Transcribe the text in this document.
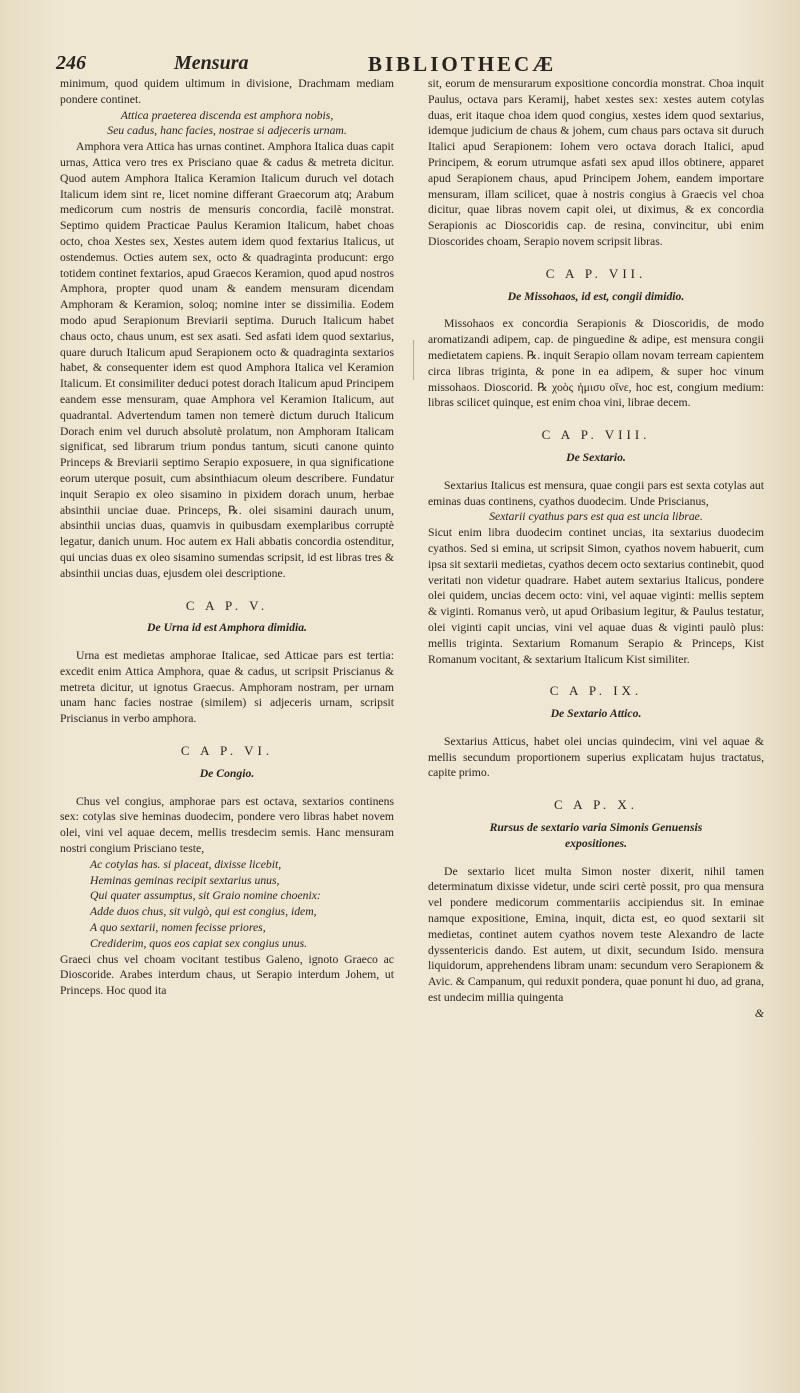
246	Mensura	BIBLIOTHECÆ

minimum, quod quidem ultimum in divisione, Drachmam mediam pondere continet.

Attica praeterea discenda est amphora nobis,

Seu cadus, hanc facies, nostrae si adjeceris urnam.

Amphora vera Attica has urnas continet. Amphora Italica duas capit urnas, Attica vero tres ex Prisciano quae & cadus & metreta dicitur. Quod autem Amphora Italica Keramion Italicum duruch vel dotach Italicum idem sint re, licet nomine differant Graecorum atq; Arabum medicorum cum nostris de mensuris concordia, facilè monstrat. Septimo quidem Practicae Paulus Keramion Italicum, habet choas octo, choa Xestes sex, Xestes autem idem quod fextarius Italicus, ut ostendemus. Octies autem sex, octo & quadraginta producunt: ergo totidem continet fextarios, apud Graecos Keramion, quod apud nostros Amphora, propter quod unam & eandem mensuram dicendam Amphoram & Keramion, soloq; nomine inter se dissimilia. Eodem modo apud Serapionum Breviarii septima. Duruch Italicum habet chaus octo, chaus unum, est sex asati. Sed asfati idem quod sextarius, quare duruch Italicum apud Serapionem octo & quadraginta sextarios habet, & consequenter idem est quod Amphora Italica vel Keramion Italicum. Et consimiliter deduci potest dorach Italicum apud Principem eandem esse mensuram, quae Amphora vel Keramion Italicum, aut quadrantal. Advertendum tamen non temerè dictum duruch Italicum Dorach enim vel duruch absolutè prolatum, non Amphoram Italicam significat, sed librarum trium pondus tantum, sicuti canone quinto Princeps & Breviarii septimo Serapio exposuere, in qua significatione eorum uterque posuit, cum absinthiacum oleum describere. Fundatur inquit Serapio ex oleo sisamino in pixidem dorach unum, herbae absinthii unciae duae. Princeps, ℞. olei sisamini daurach unum, absinthii uncias duas, quamvis in quibusdam exemplaribus corruptè legatur, danich unum. Hoc autem ex Hali abbatis concordia ostenditur, qui uncias duas ex oleo sisamino sumendas scripsit, id est libras tres & absinthii uncias duas, ejusdem olei descriptione.

C A P. V.
De Urna id est Amphora dimidia.

Urna est medietas amphorae Italicae, sed Atticae pars est tertia: excedit enim Attica Amphora, quae & cadus, ut scripsit Priscianus & metreta dicitur, ut ignotus Graecus. Amphoram nostram, per urnam unam hanc facies nostrae (similem) si adjeceris urnam, scripsit Priscianus in verbo amphora.

C A P. VI.
De Congio.

Chus vel congius, amphorae pars est octava, sextarios continens sex: cotylas sive heminas duodecim, pondere vero libras habet novem olei, vini vel aquae decem, mellis tresdecim semis. Hanc mensuram nostri congium Prisciano teste,

Ac cotylas has. si placeat, dixisse licebit,

Heminas geminas recipit sextarius unus,

Qui quater assumptus, sit Graio nomine choenix:

Adde duos chus, sit vulgò, qui est congius, idem,

A quo sextarii, nomen fecisse priores,

Crediderim, quos eos capiat sex congius unus.

Graeci chus vel choam vocitant testibus Galeno, ignoto Graeco ac Dioscoride. Arabes interdum chaus, ut Serapio interdum Johem, ut Princeps. Hoc quod ita

sit, eorum de mensurarum expositione concordia monstrat. Choa inquit Paulus, octava pars Keramij, habet xestes sex: xestes autem cotylas duas, erit itaque choa idem quod congius, xestes idem quod sextarius, idemque judicium de chaus & johem, cum chaus pars octava sit duruch Italici apud Serapionem: Iohem vero octava dorach Italici, apud Principem, & eorum utrumque asfati sex apud illos obtinere, apparet apud Serapionem chaus, apud Principem Johem, eandem importare mensuram, illam scilicet, quae à nostris congius à Graecis vel choa dicitur, quae libras novem capit olei, ut diximus, & ex concordia Serapionis ac Dioscoridis cap. de resina, convincitur, ubi enim Dioscorides choam, Serapio novem scripsit libras.

C A P. VII.
De Missohaos, id est, congii dimidio.

Missohaos ex concordia Serapionis & Dioscoridis, de modo aromatizandi adipem, cap. de pinguedine & adipe, est mensura congii medietatem capiens. ℞. inquit Serapio ollam novam terream capientem circa libras triginta, & pone in ea adipem, & super hoc vinum missohaos. Dioscorid. ℞ χοὸς ἡμισυ οἴνε, hoc est, congium medium: libras scilicet quinque, est enim choa vini, librae decem.

C A P. VIII.
De Sextario.

Sextarius Italicus est mensura, quae congii pars est sexta cotylas aut eminas duas continens, cyathos duodecim. Unde Priscianus,

Sextarii cyathus pars est qua est uncia librae.

Sicut enim libra duodecim continet uncias, ita sextarius duodecim cyathos. Sed si emina, ut scripsit Simon, cyathos novem habuerit, cum ipsa sit sextarii medietas, cyathos decem octo sextarius continebit, quod veritati non videtur quadrare. Habet autem sextarius Italicus, pondere olei quidem, uncias decem octo: vini, vel aquae viginti: mellis septem & viginti. Romanus verò, ut apud Oribasium legitur, & Paulus testatur, olei viginti capit uncias, vini vel aquae duas & viginti paulò plus: mellis triginta. Sextarium Romanum Serapio & Princeps, Kist Romanum vocitant, & sextarium Italicum Kist similiter.

C A P. IX.
De Sextario Attico.

Sextarius Atticus, habet olei uncias quindecim, vini vel aquae & mellis secundum proportionem superius explicatam hujus tractatus, capite primo.

C A P. X.
Rursus de sextario varia Simonis Genuensis
expositiones.

De sextario licet multa Simon noster dixerit, nihil tamen determinatum dixisse videtur, unde sciri certè possit, pro qua mensura vel pondere medicorum commentariis accipiendus sit. In eminae namque expositione, Emina, inquit, dicta est, eo quod sextarii sit medietas, continet autem cyathos novem teste Alexandro de lacte dyssentericis dando. Est autem, ut dixit, secundum Isido. mensura liquidorum, apprehendens libram unam: secundum vero Serapionem & Avic. & Campanum, qui reduxit pondera, quae ponunt hi duo, ad grana, est undecim millia quingenta

&
